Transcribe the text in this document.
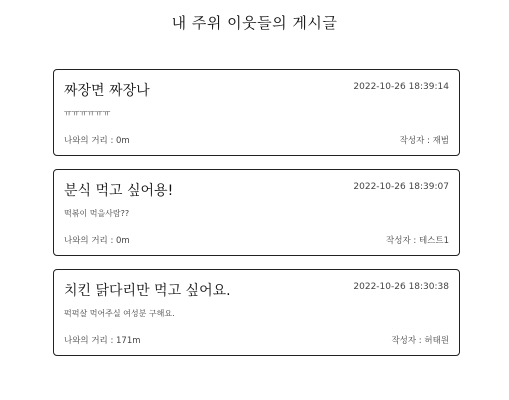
내 주위 이웃들의 게시글
짜장면 짜장나	2022-10-26 18:39:14
ㅠㅠㅠㅠㅠㅠ
나와의 거리 : 0m	작성자 : 재범
분식 먹고 싶어용!	2022-10-26 18:39:07
떡볶이 먹을사람??
나와의 거리 : 0m	작성자 : 테스트1
치킨 닭다리만 먹고 싶어요.	2022-10-26 18:30:38
퍽퍽살 먹어주실 여성분 구해요.
나와의 거리 : 171m	작성자 : 허태원
